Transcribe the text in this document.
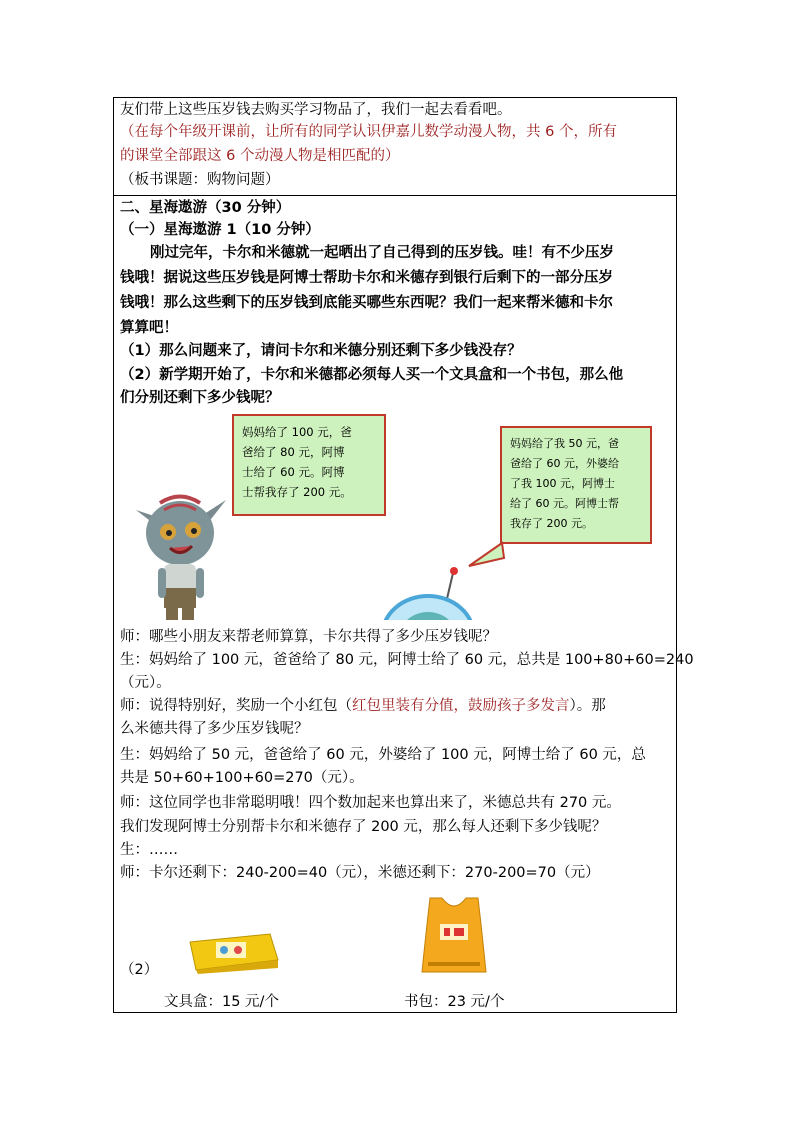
友们带上这些压岁钱去购买学习物品了，我们一起去看看吧。
（在每个年级开课前，让所有的同学认识伊嘉儿数学动漫人物，共 6 个，所有
的课堂全部跟这 6 个动漫人物是相匹配的）
（板书课题：购物问题）
二、星海遨游（30 分钟）
（一）星海遨游 1（10 分钟）
刚过完年，卡尔和米德就一起晒出了自己得到的压岁钱。哇！有不少压岁
钱哦！据说这些压岁钱是阿博士帮助卡尔和米德存到银行后剩下的一部分压岁
钱哦！那么这些剩下的压岁钱到底能买哪些东西呢？我们一起来帮米德和卡尔
算算吧！
（1）那么问题来了，请问卡尔和米德分别还剩下多少钱没存？
（2）新学期开始了，卡尔和米德都必须每人买一个文具盒和一个书包，那么他
们分别还剩下多少钱呢？
妈妈给了 100 元，爸
爸给了 80 元，阿博
士给了 60 元。阿博
士帮我存了 200 元。
妈妈给了我 50 元，爸
爸给了 60 元，外婆给
了我 100 元，阿博士
给了 60 元。阿博士帮
我存了 200 元。
师：哪些小朋友来帮老师算算，卡尔共得了多少压岁钱呢？
生：妈妈给了 100 元，爸爸给了 80 元，阿博士给了 60 元，总共是 100+80+60=240
（元）。
师：说得特别好，奖励一个小红包（红包里装有分值，鼓励孩子多发言）。那
么米德共得了多少压岁钱呢？
生：妈妈给了 50 元，爸爸给了 60 元，外婆给了 100 元，阿博士给了 60 元，总
共是 50+60+100+60=270（元）。
师：这位同学也非常聪明哦！四个数加起来也算出来了，米德总共有 270 元。
我们发现阿博士分别帮卡尔和米德存了 200 元，那么每人还剩下多少钱呢？
生：……
师：卡尔还剩下：240-200=40（元），米德还剩下：270-200=70（元）
（2）
文具盒：15 元/个	书包：23 元/个
